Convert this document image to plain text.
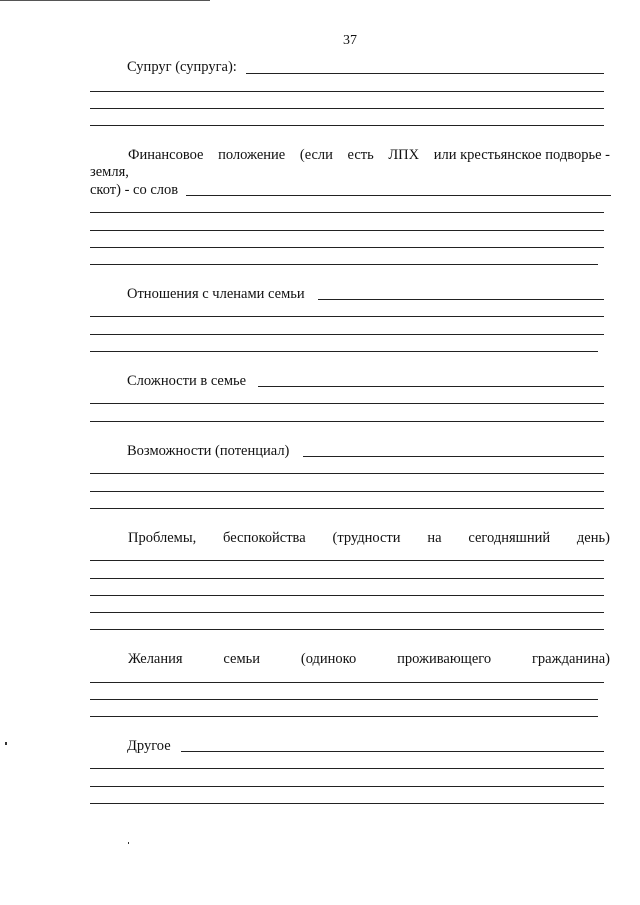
37
Супруг (супруга):
Финансовое положение (если есть ЛПХ или крестьянское подворье -
земля,
скот) - со слов
Отношения с членами семьи
Сложности в семье
Возможности (потенциал)
Проблемы, беспокойства (трудности на сегодняшний день)
Желания	семьи	(одиноко	проживающего	гражданина)
Другое
